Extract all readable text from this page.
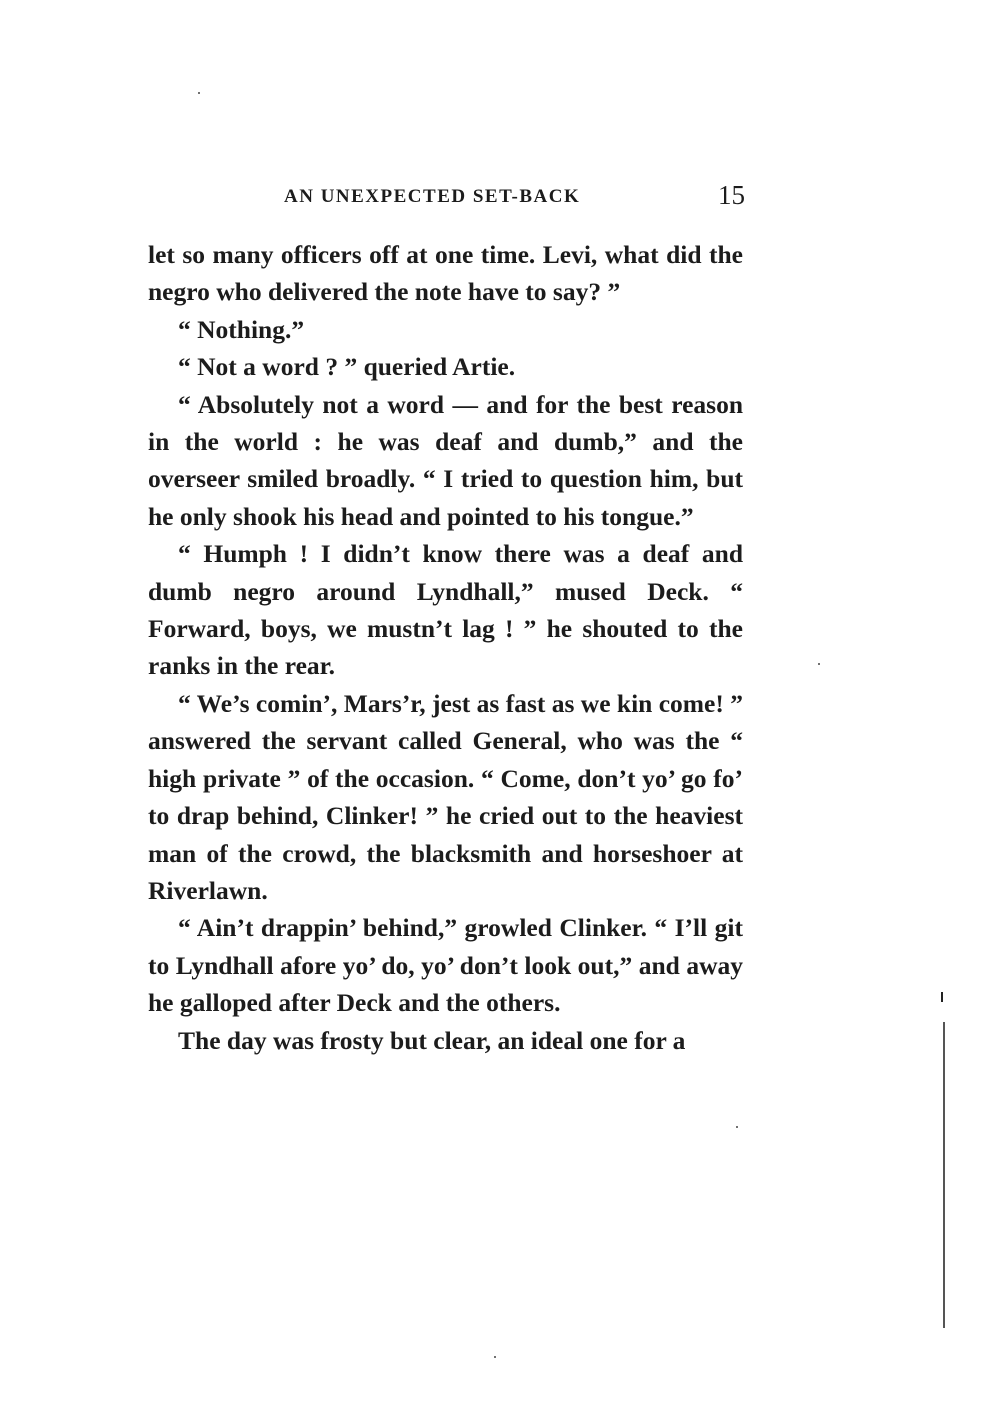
AN UNEXPECTED SET-BACK	15

let so many officers off at one time. Levi, what did the negro who delivered the note have to say? ”

“ Nothing.”

“ Not a word ? ” queried Artie.

“ Absolutely not a word — and for the best reason in the world : he was deaf and dumb,” and the overseer smiled broadly. “ I tried to question him, but he only shook his head and pointed to his tongue.”

“ Humph ! I didn’t know there was a deaf and dumb negro around Lyndhall,” mused Deck. “ Forward, boys, we mustn’t lag ! ” he shouted to the ranks in the rear.

“ We’s comin’, Mars’r, jest as fast as we kin come! ” answered the servant called General, who was the “ high private ” of the occasion. “ Come, don’t yo’ go fo’ to drap behind, Clinker! ” he cried out to the heaviest man of the crowd, the blacksmith and horseshoer at Riverlawn.

“ Ain’t drappin’ behind,” growled Clinker. “ I’ll git to Lyndhall afore yo’ do, yo’ don’t look out,” and away he galloped after Deck and the others.

The day was frosty but clear, an ideal one for a
